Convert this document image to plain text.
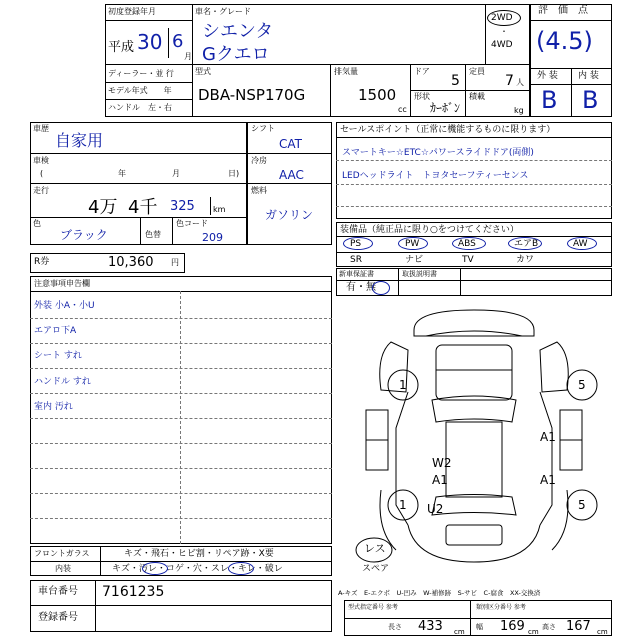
初度登録年月
平成 30 6
月
車名・グレード
シエンタ
Gクエロ
2WD
・
4WD
評　価　点
(4.5)
外 装 内 装
B B
ディーラー・並 行
モデル年式　　年
ハンドル　左・右
型式
DBA-NSP170G
排気量
1500
cc
ドア
5
定員
7 人
形状
ｶｰﾎﾞﾝ
積載
kg
車歴
自家用
車検
(	年	月	日)
走行
4万 4千 325 km
色
ブラック	色替
色コード
209
シフト
CAT
冷房
AAC
燃料
ガソリン
R券	10,360 円
注意事項申告欄
外装 小A・小U
エアロ下A
シート すれ
ハンドル すれ
室内 汚れ
フロントガラス	キズ・飛石・ヒビ割・リペア跡・X要
内装	キズ・汚レ・コゲ・穴・スレ・キレ・破レ
車台番号 7161235
登録番号
セールスポイント（正常に機能するものに限ります）
スマートキー☆ETC☆パワースライドドア(両側)
LEDヘッドライト　トヨタセーフティーセンス
装備品（純正品に限り○をつけてください）
PS	PW	ABS	エアB	AW
SR	ナビ	TV	カワ
新車保証書	取扱説明書
有・無
1	5
A1
W2
A1	A1
1 U2	5
レス
スペア
A-キズ　E-エクボ　U-凹み　W-補修跡　S-サビ　C-腐食　XX-交換済
型式指定番号 参考	類別区分番号 参考
長さ 433 cm
幅 169 cm
高さ 167 cm
